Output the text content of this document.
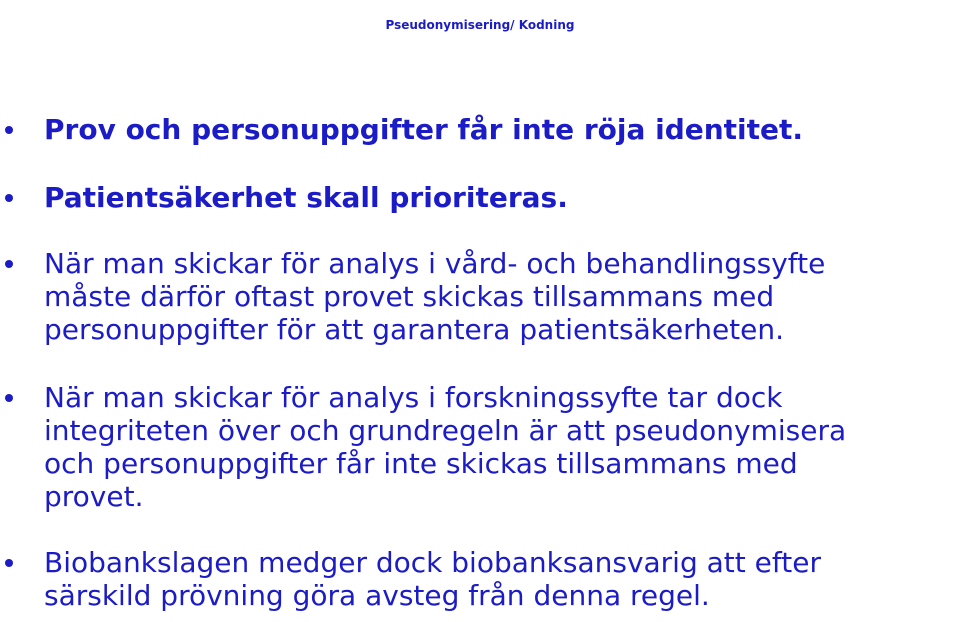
Pseudonymisering/ Kodning

Prov och personuppgifter får inte röja identitet.

Patientsäkerhet skall prioriteras.

När man skickar för analys i vård- och behandlingssyfte
måste därför oftast provet skickas tillsammans med
personuppgifter för att garantera patientsäkerheten.

När man skickar för analys i forskningssyfte tar dock
integriteten över och grundregeln är att pseudonymisera
och personuppgifter får inte skickas tillsammans med
provet.

Biobankslagen medger dock biobanksansvarig att efter
särskild prövning göra avsteg från denna regel.
